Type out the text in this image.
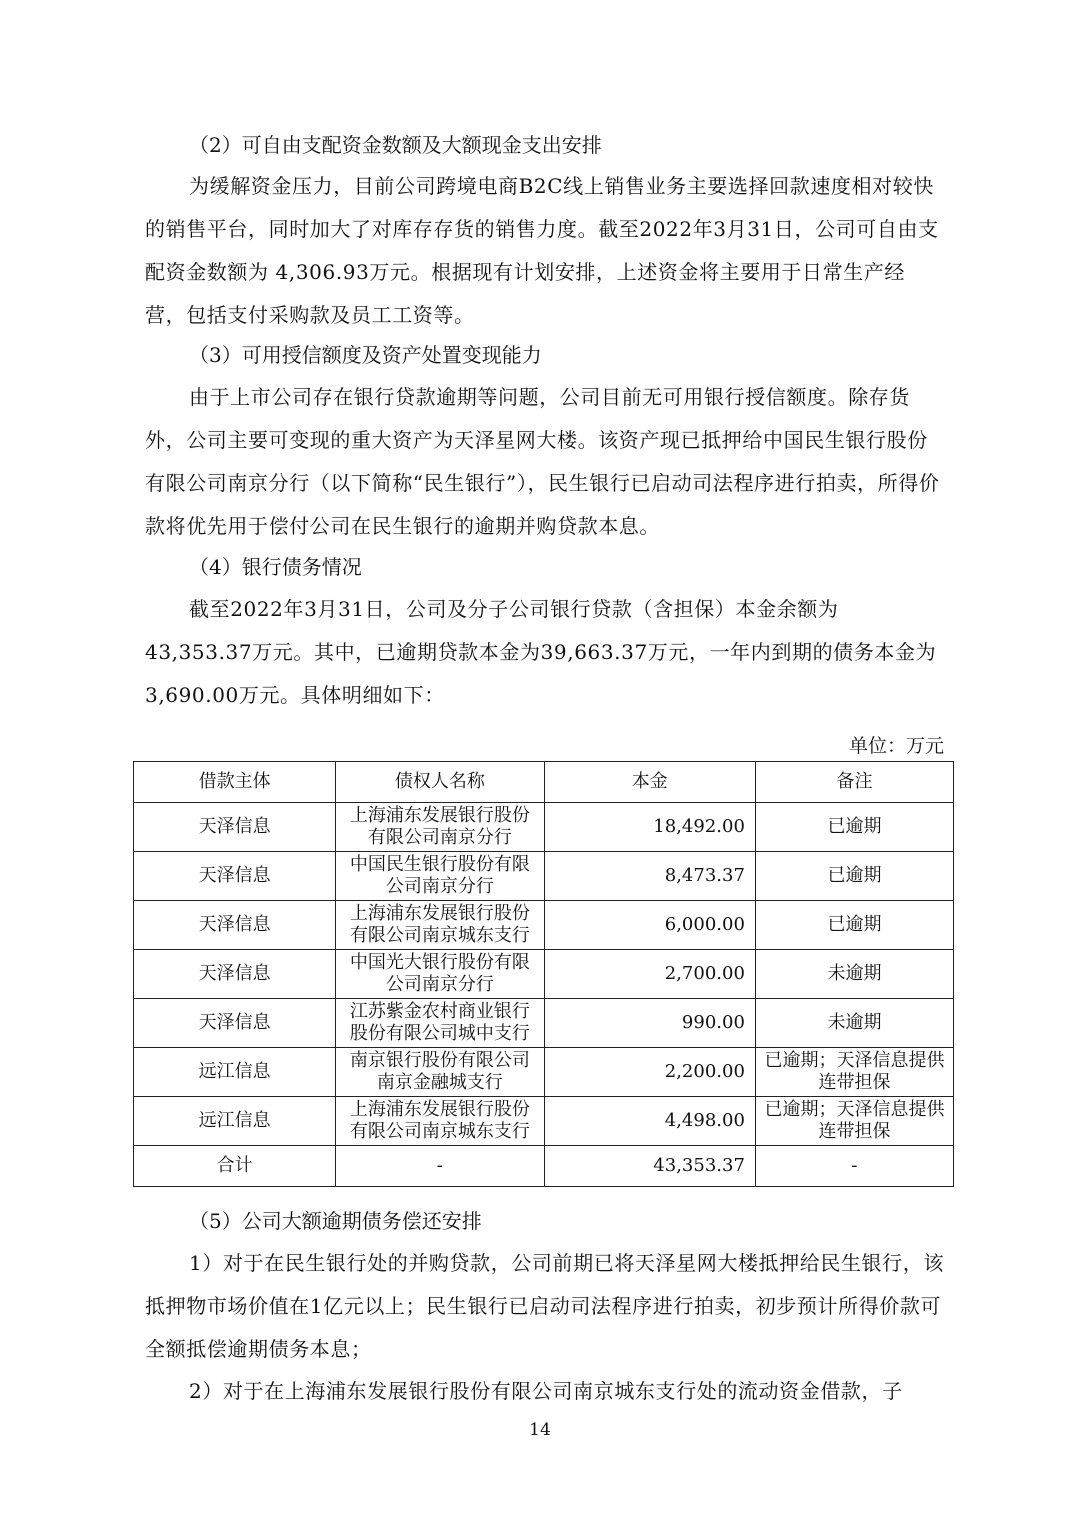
（2）可自由支配资金数额及大额现金支出安排

为缓解资金压力，目前公司跨境电商B2C线上销售业务主要选择回款速度相对较快的销售平台，同时加大了对库存存货的销售力度。截至2022年3月31日，公司可自由支配资金数额为 4,306.93万元。根据现有计划安排，上述资金将主要用于日常生产经营，包括支付采购款及员工工资等。

（3）可用授信额度及资产处置变现能力

由于上市公司存在银行贷款逾期等问题，公司目前无可用银行授信额度。除存货外，公司主要可变现的重大资产为天泽星网大楼。该资产现已抵押给中国民生银行股份有限公司南京分行（以下简称“民生银行”），民生银行已启动司法程序进行拍卖，所得价款将优先用于偿付公司在民生银行的逾期并购贷款本息。

（4）银行债务情况

截至2022年3月31日，公司及分子公司银行贷款（含担保）本金余额为43,353.37万元。其中，已逾期贷款本金为39,663.37万元，一年内到期的债务本金为3,690.00万元。具体明细如下：

单位：万元
借款主体	债权人名称	本金	备注
天泽信息	上海浦东发展银行股份有限公司南京分行	18,492.00	已逾期
天泽信息	中国民生银行股份有限公司南京分行	8,473.37	已逾期
天泽信息	上海浦东发展银行股份有限公司南京城东支行	6,000.00	已逾期
天泽信息	中国光大银行股份有限公司南京分行	2,700.00	未逾期
天泽信息	江苏紫金农村商业银行股份有限公司城中支行	990.00	未逾期
远江信息	南京银行股份有限公司南京金融城支行	2,200.00	已逾期；天泽信息提供连带担保
远江信息	上海浦东发展银行股份有限公司南京城东支行	4,498.00	已逾期；天泽信息提供连带担保
合计	-	43,353.37	-

（5）公司大额逾期债务偿还安排

1）对于在民生银行处的并购贷款，公司前期已将天泽星网大楼抵押给民生银行，该抵押物市场价值在1亿元以上；民生银行已启动司法程序进行拍卖，初步预计所得价款可全额抵偿逾期债务本息；

2）对于在上海浦东发展银行股份有限公司南京城东支行处的流动资金借款，子

14
